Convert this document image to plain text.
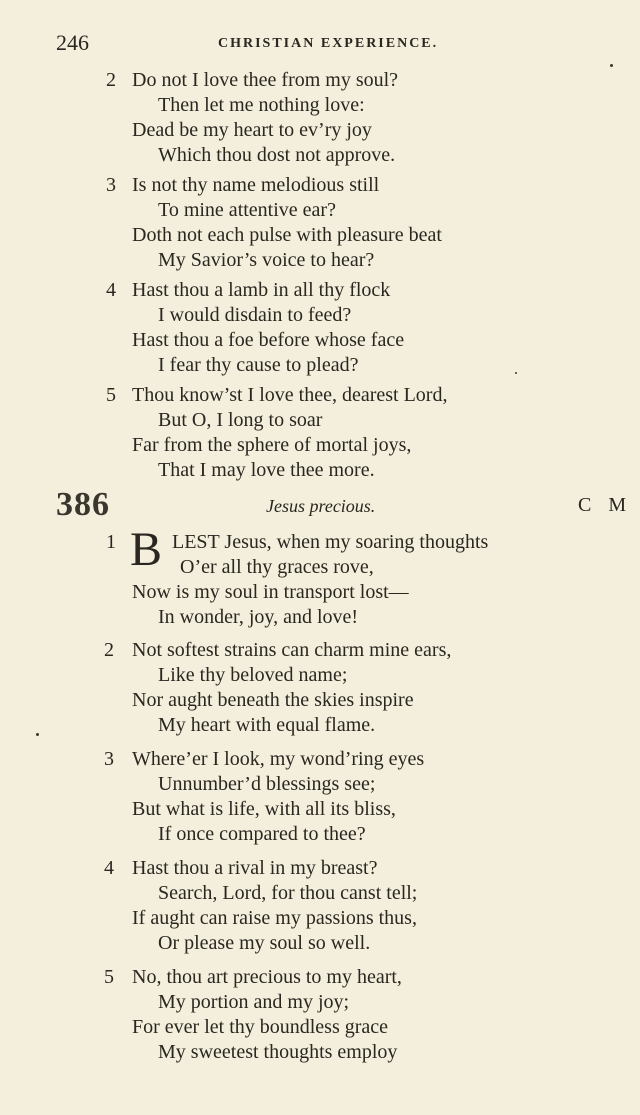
246	CHRISTIAN EXPERIENCE.
2 Do not I love thee from my soul?
Then let me nothing love:
Dead be my heart to ev’ry joy
Which thou dost not approve.
3 Is not thy name melodious still
To mine attentive ear?
Doth not each pulse with pleasure beat
My Savior’s voice to hear?
4 Hast thou a lamb in all thy flock
I would disdain to feed?
Hast thou a foe before whose face
I fear thy cause to plead?
5 Thou know’st I love thee, dearest Lord,
But O, I long to soar
Far from the sphere of mortal joys,
That I may love thee more.
386	Jesus precious.	C M
1 B LEST Jesus, when my soaring thoughts
O’er all thy graces rove,
Now is my soul in transport lost—
In wonder, joy, and love!
2 Not softest strains can charm mine ears,
Like thy beloved name;
Nor aught beneath the skies inspire
My heart with equal flame.
3 Where’er I look, my wond’ring eyes
Unnumber’d blessings see;
But what is life, with all its bliss,
If once compared to thee?
4 Hast thou a rival in my breast?
Search, Lord, for thou canst tell;
If aught can raise my passions thus,
Or please my soul so well.
5 No, thou art precious to my heart,
My portion and my joy;
For ever let thy boundless grace
My sweetest thoughts employ
